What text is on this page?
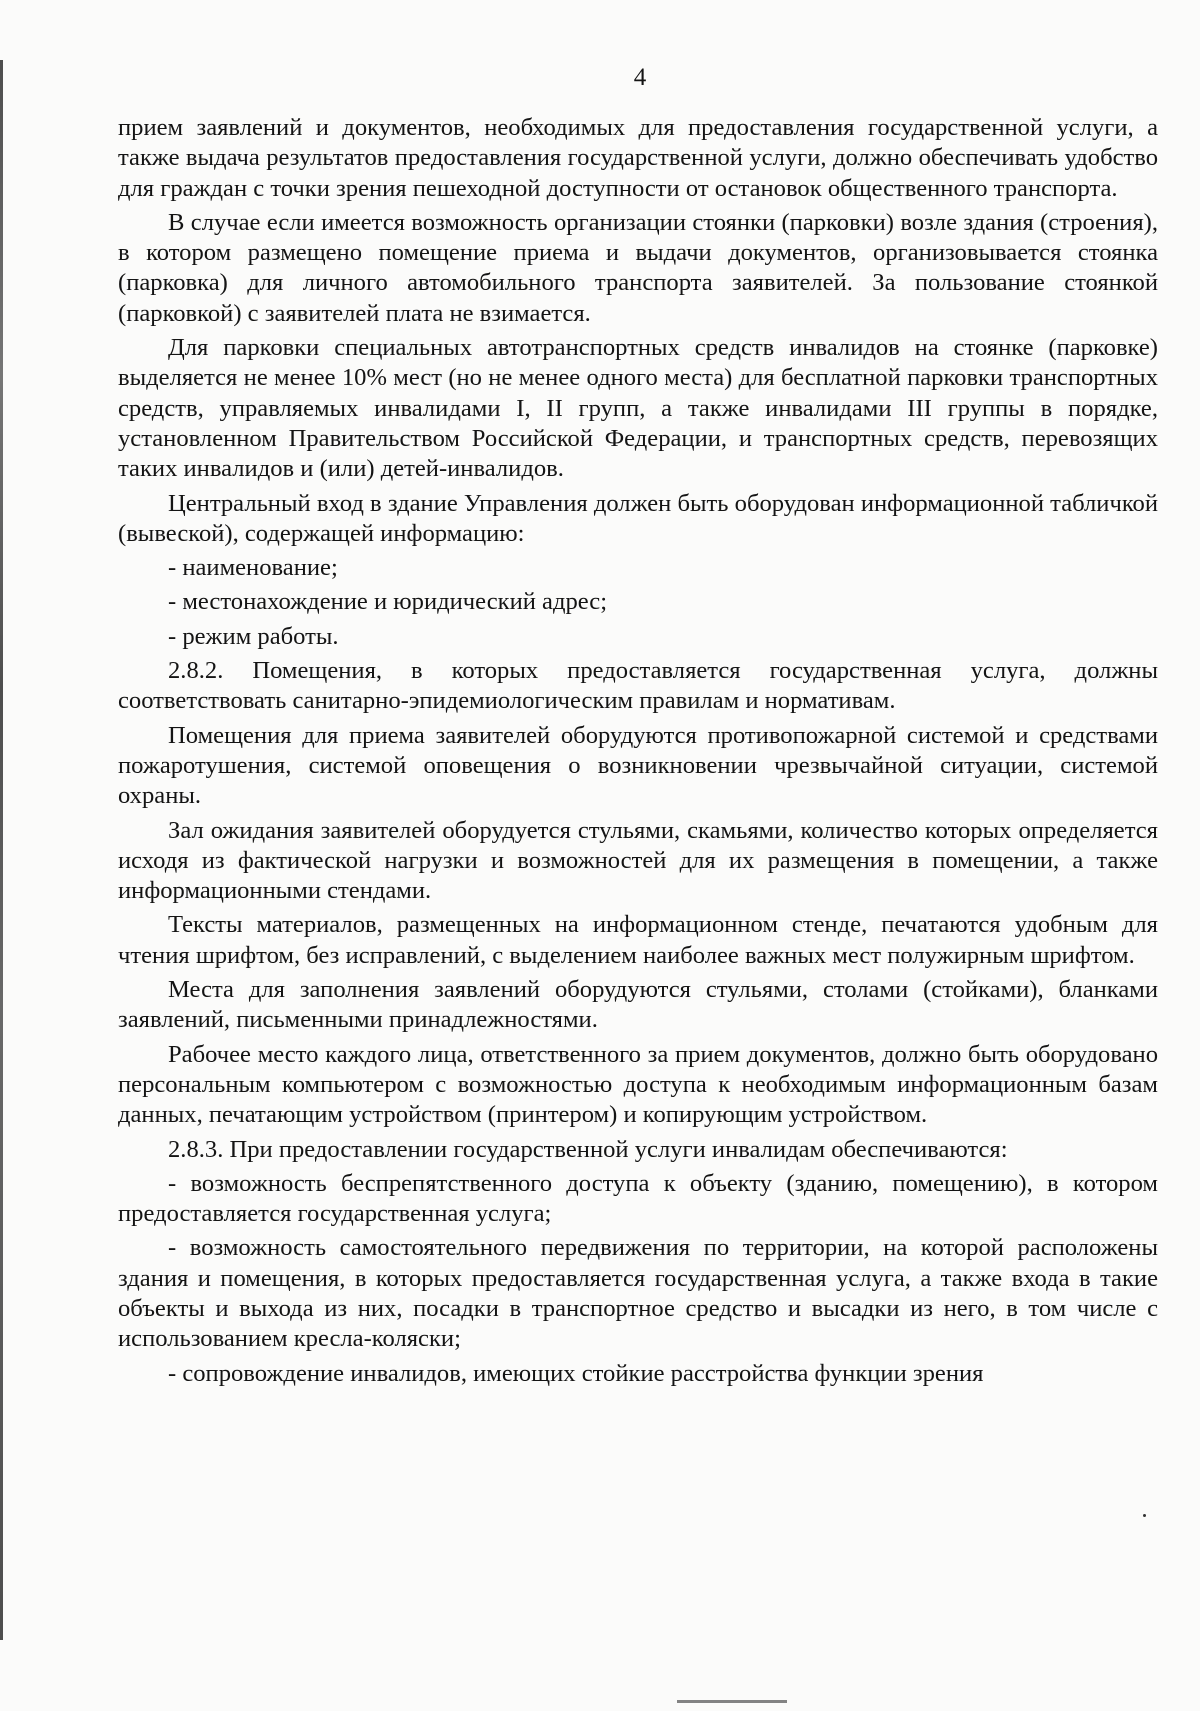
4

прием заявлений и документов, необходимых для предоставления государственной услуги, а также выдача результатов предоставления государственной услуги, должно обеспечивать удобство для граждан с точки зрения пешеходной доступности от остановок общественного транспорта.

В случае если имеется возможность организации стоянки (парковки) возле здания (строения), в котором размещено помещение приема и выдачи документов, организовывается стоянка (парковка) для личного автомобильного транспорта заявителей. За пользование стоянкой (парковкой) с заявителей плата не взимается.

Для парковки специальных автотранспортных средств инвалидов на стоянке (парковке) выделяется не менее 10% мест (но не менее одного места) для бесплатной парковки транспортных средств, управляемых инвалидами I, II групп, а также инвалидами III группы в порядке, установленном Правительством Российской Федерации, и транспортных средств, перевозящих таких инвалидов и (или) детей-инвалидов.

Центральный вход в здание Управления должен быть оборудован информационной табличкой (вывеской), содержащей информацию:

- наименование;

- местонахождение и юридический адрес;

- режим работы.

2.8.2. Помещения, в которых предоставляется государственная услуга, должны соответствовать санитарно-эпидемиологическим правилам и нормативам.

Помещения для приема заявителей оборудуются противопожарной системой и средствами пожаротушения, системой оповещения о возникновении чрезвычайной ситуации, системой охраны.

Зал ожидания заявителей оборудуется стульями, скамьями, количество которых определяется исходя из фактической нагрузки и возможностей для их размещения в помещении, а также информационными стендами.

Тексты материалов, размещенных на информационном стенде, печатаются удобным для чтения шрифтом, без исправлений, с выделением наиболее важных мест полужирным шрифтом.

Места для заполнения заявлений оборудуются стульями, столами (стойками), бланками заявлений, письменными принадлежностями.

Рабочее место каждого лица, ответственного за прием документов, должно быть оборудовано персональным компьютером с возможностью доступа к необходимым информационным базам данных, печатающим устройством (принтером) и копирующим устройством.

2.8.3. При предоставлении государственной услуги инвалидам обеспечиваются:

- возможность беспрепятственного доступа к объекту (зданию, помещению), в котором предоставляется государственная услуга;

- возможность самостоятельного передвижения по территории, на которой расположены здания и помещения, в которых предоставляется государственная услуга, а также входа в такие объекты и выхода из них, посадки в транспортное средство и высадки из него, в том числе с использованием кресла-коляски;

- сопровождение инвалидов, имеющих стойкие расстройства функции зрения
